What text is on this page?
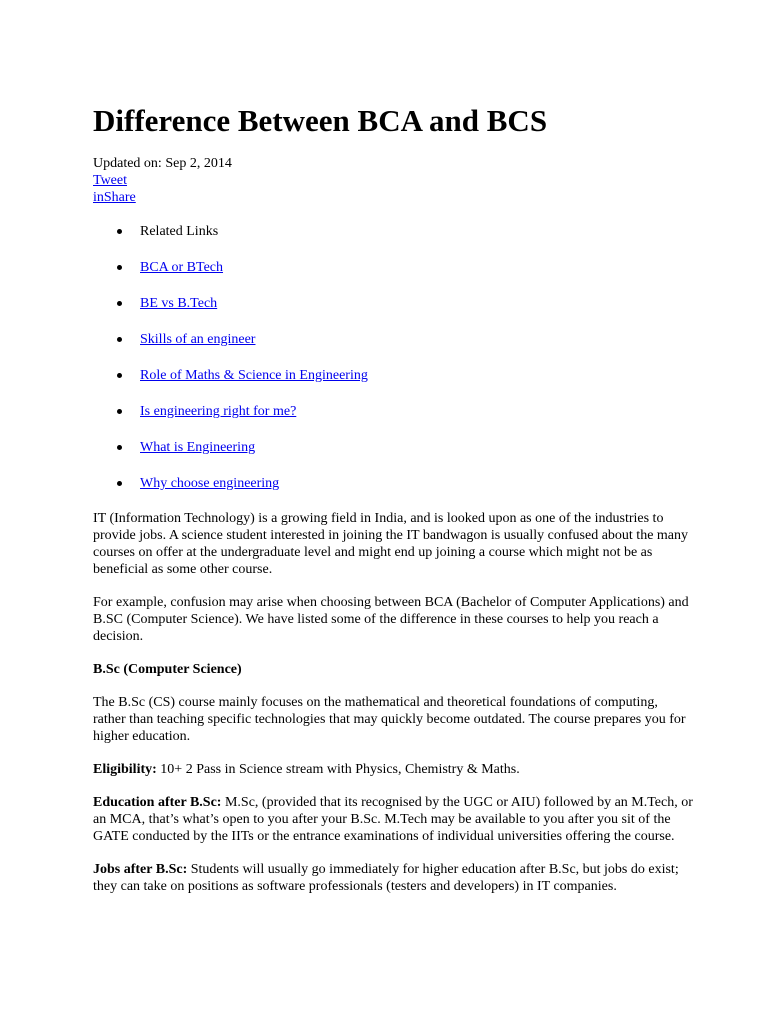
Difference Between BCA and BCS
Updated on: Sep 2, 2014
Tweet
inShare
Related Links
BCA or BTech
BE vs B.Tech
Skills of an engineer
Role of Maths & Science in Engineering
Is engineering right for me?
What is Engineering
Why choose engineering

IT (Information Technology) is a growing field in India, and is looked upon as one of the industries to provide jobs. A science student interested in joining the IT bandwagon is usually confused about the many courses on offer at the undergraduate level and might end up joining a course which might not be as beneficial as some other course.

For example, confusion may arise when choosing between BCA (Bachelor of Computer Applications) and B.SC (Computer Science). We have listed some of the difference in these courses to help you reach a decision.

B.Sc (Computer Science)

The B.Sc (CS) course mainly focuses on the mathematical and theoretical foundations of computing, rather than teaching specific technologies that may quickly become outdated. The course prepares you for higher education.

Eligibility: 10+ 2 Pass in Science stream with Physics, Chemistry & Maths.

Education after B.Sc: M.Sc, (provided that its recognised by the UGC or AIU) followed by an M.Tech, or an MCA, that’s what’s open to you after your B.Sc. M.Tech may be available to you after you sit of the GATE conducted by the IITs or the entrance examinations of individual universities offering the course.

Jobs after B.Sc: Students will usually go immediately for higher education after B.Sc, but jobs do exist; they can take on positions as software professionals (testers and developers) in IT companies.
